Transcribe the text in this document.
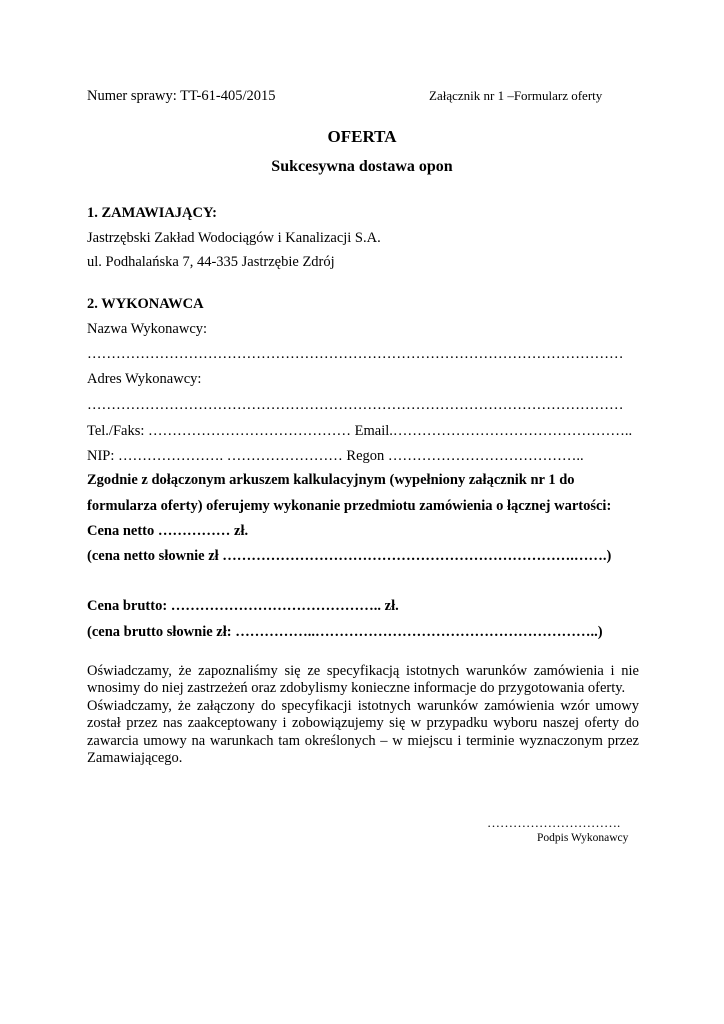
Numer sprawy: TT-61-405/2015	Załącznik nr 1 –Formularz oferty
OFERTA
Sukcesywna dostawa opon
1. ZAMAWIAJĄCY:
Jastrzębski Zakład Wodociągów i Kanalizacji S.A.
ul. Podhalańska 7, 44-335 Jastrzębie Zdrój
2. WYKONAWCA
Nazwa Wykonawcy:
…………………………………………………………………………………………………
Adres Wykonawcy:
…………………………………………………………………………………………………
Tel./Faks: …………………………………… Email.…………………………………………..
NIP: …………………. …………………… Regon …………………………………..
Zgodnie z dołączonym arkuszem kalkulacyjnym (wypełniony załącznik nr 1 do
formularza oferty) oferujemy wykonanie przedmiotu zamówienia o łącznej wartości:
Cena netto …………… zł.
(cena netto słownie zł ……………………………………………………………….…….)
Cena brutto: …………………………………….. zł.
(cena brutto słownie zł: ……………..…………………………………………………..)
Oświadczamy, że zapoznaliśmy się ze specyfikacją istotnych warunków zamówienia i nie wnosimy do niej zastrzeżeń oraz zdobylismy konieczne informacje do przygotowania oferty.
Oświadczamy, że załączony do specyfikacji istotnych warunków zamówienia wzór umowy został przez nas zaakceptowany i zobowiązujemy się w przypadku wyboru naszej oferty do zawarcia umowy na warunkach tam określonych – w miejscu i terminie wyznaczonym przez Zamawiającego.
………………………….
Podpis Wykonawcy
